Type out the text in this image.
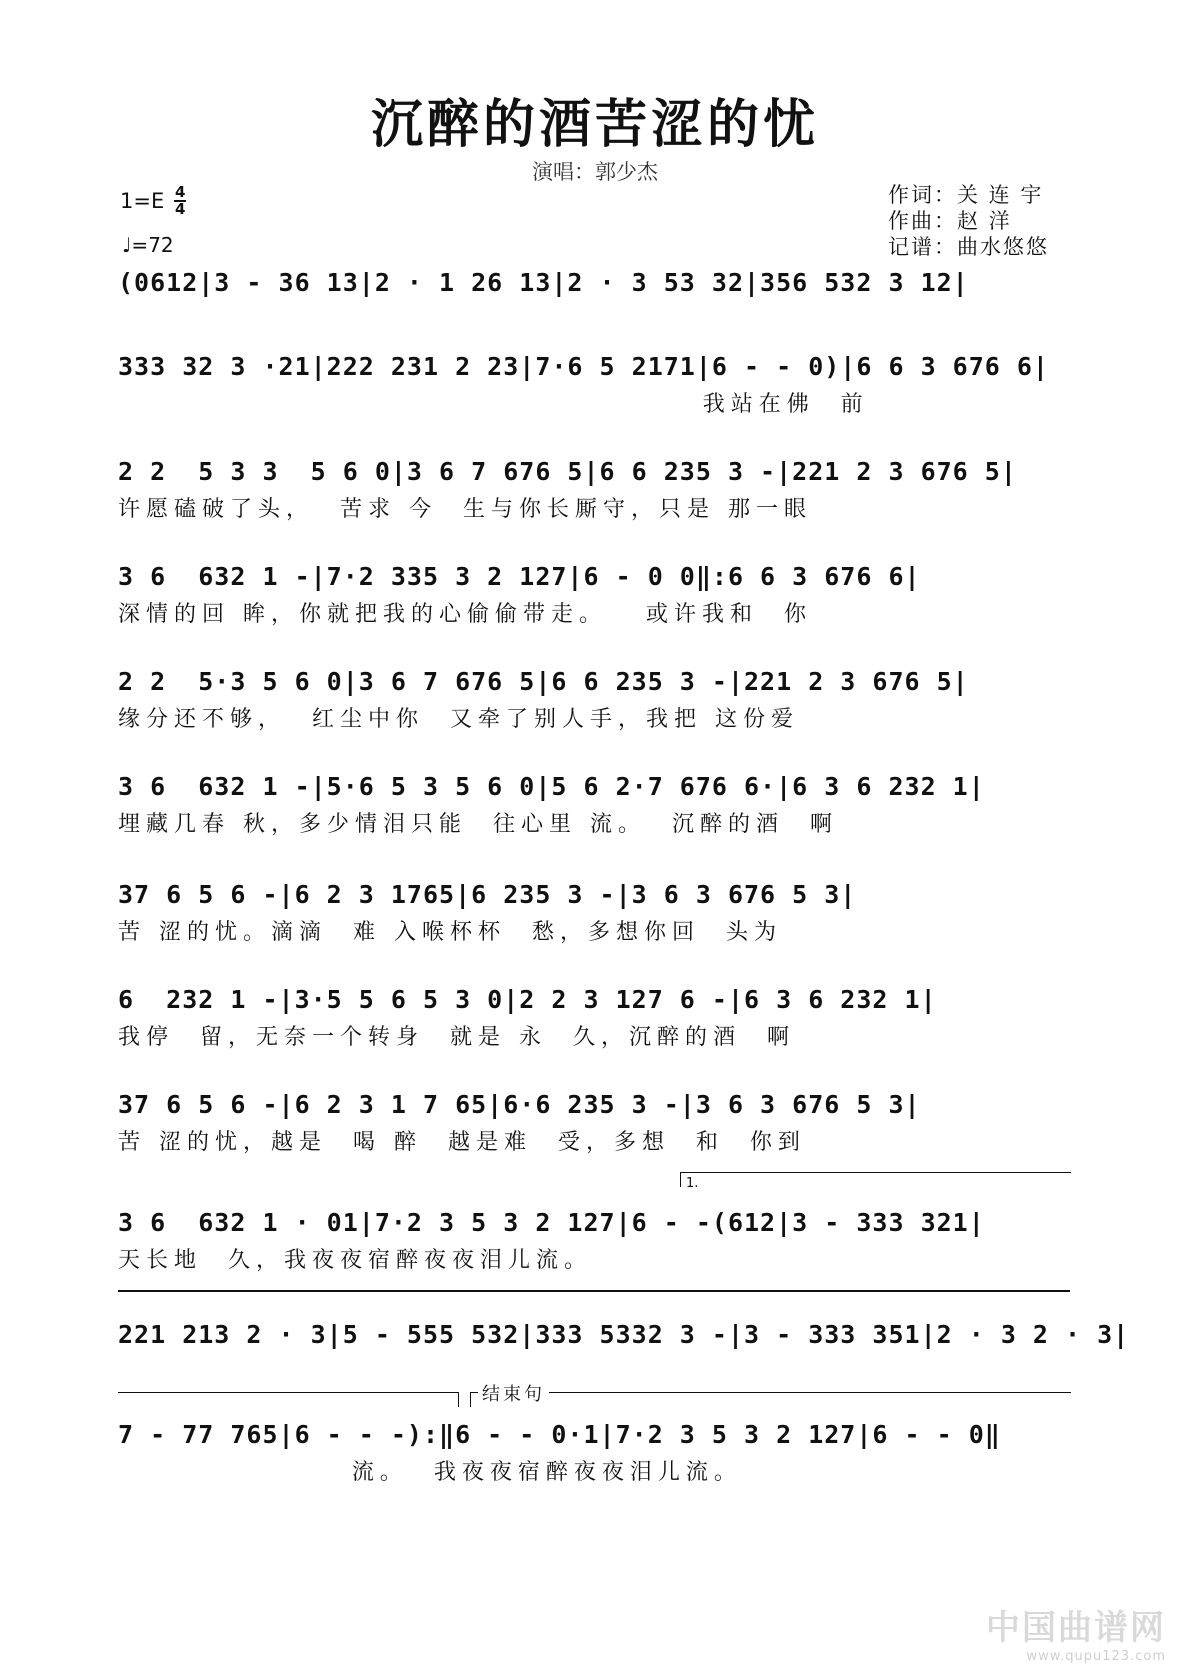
沉醉的酒苦涩的忧
演唱：郭少杰
1=E 4
4
♩=72
作词：关 连 宇
作曲：赵 洋
记谱：曲水悠悠
(0612|3 - 36 13|2 · 1 26 13|2 · 3 53 32|356 532 3 12|
333 32 3 ·21|222 231 2 23|7·6 5 2171|6 - - 0)|6 6 3 676 6|
我站在佛  前
2 2  5 3 3  5 6 0|3 6 7 676 5|6 6 235 3 -|221 2 3 676 5|
许愿磕破了头，  苦求 今  生与你长厮守，只是 那一眼
3 6  632 1 -|7·2 335 3 2 127|6 - 0 0‖:6 6 3 676 6|
深情的回 眸，你就把我的心偷偷带走。   或许我和  你
2 2  5·3 5 6 0|3 6 7 676 5|6 6 235 3 -|221 2 3 676 5|
缘分还不够，  红尘中你  又牵了别人手，我把 这份爱
3 6  632 1 -|5·6 5 3 5 6 0|5 6 2·7 676 6·|6 3 6 232 1|
埋藏几春 秋，多少情泪只能  往心里 流。  沉醉的酒  啊
37 6 5 6 -|6 2 3 1765|6 235 3 -|3 6 3 676 5 3|
苦 涩的忧。滴滴  难 入喉杯杯  愁，多想你回  头为
6  232 1 -|3·5 5 6 5 3 0|2 2 3 127 6 -|6 3 6 232 1|
我停  留，无奈一个转身  就是 永  久，沉醉的酒  啊
37 6 5 6 -|6 2 3 1 7 65|6·6 235 3 -|3 6 3 676 5 3|
苦 涩的忧，越是  喝 醉  越是难  受，多想  和  你到
1.
3 6  632 1 · 01|7·2 3 5 3 2 127|6 - -(612|3 - 333 321|
天长地  久，我夜夜宿醉夜夜泪儿流。
221 213 2 · 3|5 - 555 532|333 5332 3 -|3 - 333 351|2 · 3 2 · 3|
结束句
7 - 77 765|6 - - -):‖6 - - 0·1|7·2 3 5 3 2 127|6 - - 0‖
流。  我夜夜宿醉夜夜泪儿流。
中国曲谱网
www.qupu123.com
